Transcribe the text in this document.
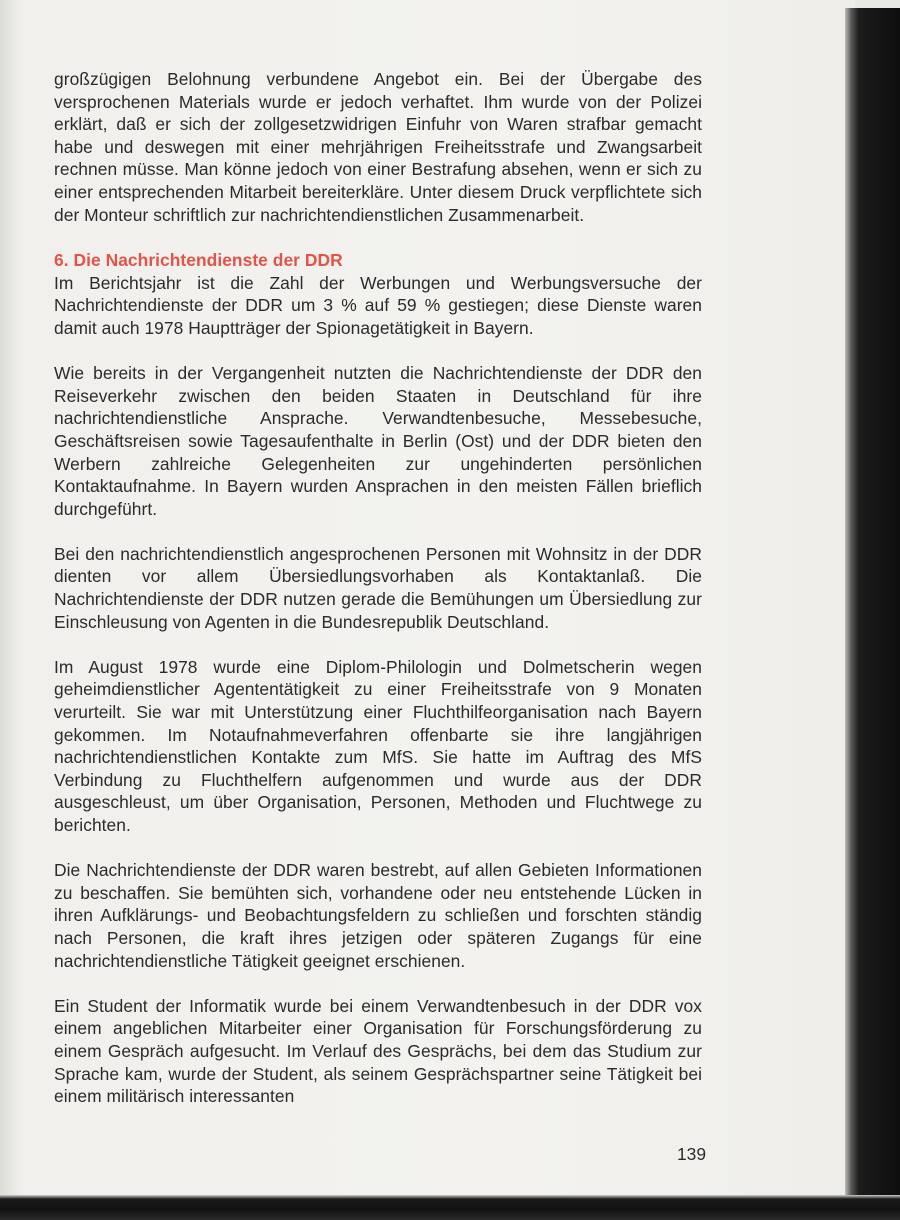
großzügigen Belohnung verbundene Angebot ein. Bei der Übergabe des versprochenen Materials wurde er jedoch verhaftet. Ihm wurde von der Polizei erklärt, daß er sich der zollgesetzwidrigen Einfuhr von Waren strafbar gemacht habe und deswegen mit einer mehrjährigen Freiheitsstrafe und Zwangsarbeit rechnen müsse. Man könne jedoch von einer Bestrafung absehen, wenn er sich zu einer entsprechenden Mitarbeit bereiterkläre. Unter diesem Druck verpflichtete sich der Monteur schriftlich zur nachrichtendienstlichen Zusammenarbeit.

6. Die Nachrichtendienste der DDR

Im Berichtsjahr ist die Zahl der Werbungen und Werbungsversuche der Nachrichtendienste der DDR um 3 % auf 59 % gestiegen; diese Dienste waren damit auch 1978 Hauptträger der Spionagetätigkeit in Bayern.

Wie bereits in der Vergangenheit nutzten die Nachrichtendienste der DDR den Reiseverkehr zwischen den beiden Staaten in Deutschland für ihre nachrichtendienstliche Ansprache. Verwandtenbesuche, Messebesuche, Geschäftsreisen sowie Tagesaufenthalte in Berlin (Ost) und der DDR bieten den Werbern zahlreiche Gelegenheiten zur ungehinderten persönlichen Kontaktaufnahme. In Bayern wurden Ansprachen in den meisten Fällen brieflich durchgeführt.

Bei den nachrichtendienstlich angesprochenen Personen mit Wohnsitz in der DDR dienten vor allem Übersiedlungsvorhaben als Kontaktanlaß. Die Nachrichtendienste der DDR nutzen gerade die Bemühungen um Übersiedlung zur Einschleusung von Agenten in die Bundesrepublik Deutschland.

Im August 1978 wurde eine Diplom-Philologin und Dolmetscherin wegen geheimdienstlicher Agententätigkeit zu einer Freiheitsstrafe von 9 Monaten verurteilt. Sie war mit Unterstützung einer Fluchthilfeorganisation nach Bayern gekommen. Im Notaufnahmeverfahren offenbarte sie ihre langjährigen nachrichtendienstlichen Kontakte zum MfS. Sie hatte im Auftrag des MfS Verbindung zu Fluchthelfern aufgenommen und wurde aus der DDR ausgeschleust, um über Organisation, Personen, Methoden und Fluchtwege zu berichten.

Die Nachrichtendienste der DDR waren bestrebt, auf allen Gebieten Informationen zu beschaffen. Sie bemühten sich, vorhandene oder neu entstehende Lücken in ihren Aufklärungs- und Beobachtungsfeldern zu schließen und forschten ständig nach Personen, die kraft ihres jetzigen oder späteren Zugangs für eine nachrichtendienstliche Tätigkeit geeignet erschienen.

Ein Student der Informatik wurde bei einem Verwandtenbesuch in der DDR vox einem angeblichen Mitarbeiter einer Organisation für Forschungsförderung zu einem Gespräch aufgesucht. Im Verlauf des Gesprächs, bei dem das Studium zur Sprache kam, wurde der Student, als seinem Gesprächspartner seine Tätigkeit bei einem militärisch interessanten

139
